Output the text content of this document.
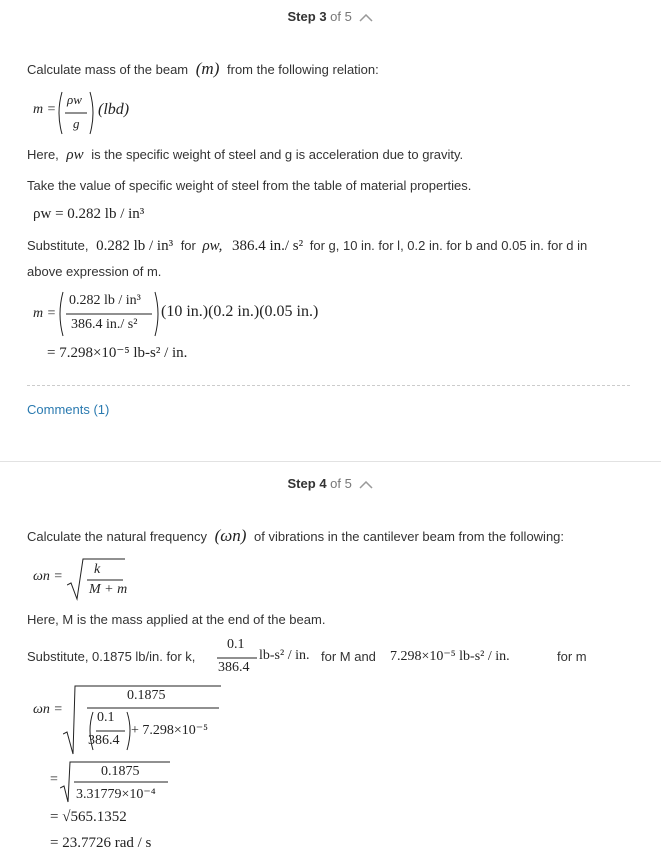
Step 3 of 5
Calculate mass of the beam (m) from the following relation:
m =
ρw
g
(lbd)
Here, ρw is the specific weight of steel and g is acceleration due to gravity.
Take the value of specific weight of steel from the table of material properties.
ρw = 0.282 lb / in³
Substitute, 0.282 lb / in³ for ρw, 386.4 in./ s² for g, 10 in. for l, 0.2 in. for b and 0.05 in. for d in
above expression of m.
m =
0.282 lb / in³
386.4 in./ s²
(10 in.)(0.2 in.)(0.05 in.)
= 7.298×10⁻⁵ lb-s² / in.
Comments (1)
Step 4 of 5
Calculate the natural frequency (ωn) of vibrations in the cantilever beam from the following:
ωn = k
M + m
Here, M is the mass applied at the end of the beam.
Substitute, 0.1875 lb/in. for k,
0.1
386.4
lb-s² / in. for M and 7.298×10⁻⁵ lb-s² / in.	for m
ωn =
0.1875
0.1
386.4
+ 7.298×10⁻⁵
=
0.1875
3.31779×10⁻⁴
= √565.1352
= 23.7726 rad / s
